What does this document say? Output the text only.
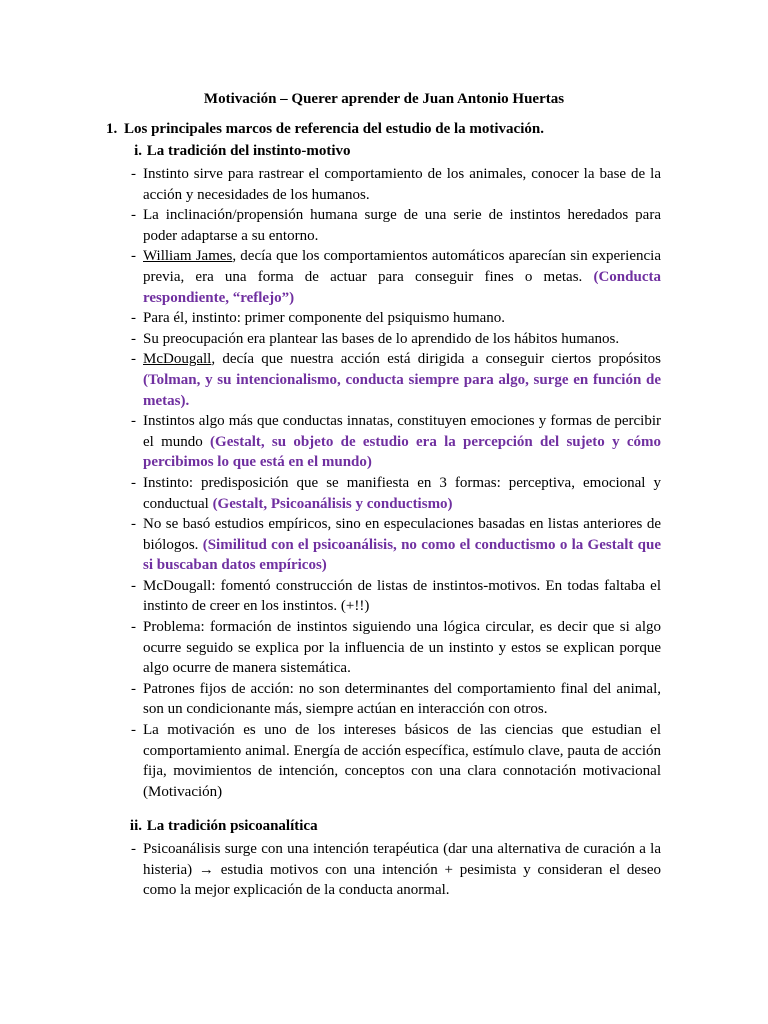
Motivación – Querer aprender de Juan Antonio Huertas
1. Los principales marcos de referencia del estudio de la motivación.
i. La tradición del instinto-motivo
- Instinto sirve para rastrear el comportamiento de los animales, conocer la base de la acción y necesidades de los humanos.
- La inclinación/propensión humana surge de una serie de instintos heredados para poder adaptarse a su entorno.
- William James, decía que los comportamientos automáticos aparecían sin experiencia previa, era una forma de actuar para conseguir fines o metas. (Conducta respondiente, “reflejo”)
- Para él, instinto: primer componente del psiquismo humano.
- Su preocupación era plantear las bases de lo aprendido de los hábitos humanos.
- McDougall, decía que nuestra acción está dirigida a conseguir ciertos propósitos (Tolman, y su intencionalismo, conducta siempre para algo, surge en función de metas).
- Instintos algo más que conductas innatas, constituyen emociones y formas de percibir el mundo (Gestalt, su objeto de estudio era la percepción del sujeto y cómo percibimos lo que está en el mundo)
- Instinto: predisposición que se manifiesta en 3 formas: perceptiva, emocional y conductual (Gestalt, Psicoanálisis y conductismo)
- No se basó estudios empíricos, sino en especulaciones basadas en listas anteriores de biólogos. (Similitud con el psicoanálisis, no como el conductismo o la Gestalt que si buscaban datos empíricos)
- McDougall: fomentó construcción de listas de instintos-motivos. En todas faltaba el instinto de creer en los instintos. (+!!)
- Problema: formación de instintos siguiendo una lógica circular, es decir que si algo ocurre seguido se explica por la influencia de un instinto y estos se explican porque algo ocurre de manera sistemática.
- Patrones fijos de acción: no son determinantes del comportamiento final del animal, son un condicionante más, siempre actúan en interacción con otros.
- La motivación es uno de los intereses básicos de las ciencias que estudian el comportamiento animal. Energía de acción específica, estímulo clave, pauta de acción fija, movimientos de intención, conceptos con una clara connotación motivacional (Motivación)
ii. La tradición psicoanalítica
- Psicoanálisis surge con una intención terapéutica (dar una alternativa de curación a la histeria) → estudia motivos con una intención + pesimista y consideran el deseo como la mejor explicación de la conducta anormal.
